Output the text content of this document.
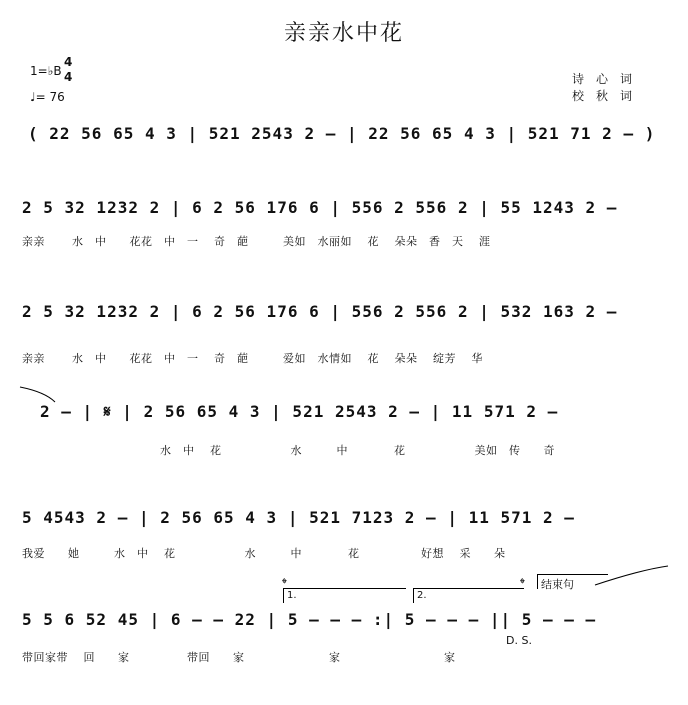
亲亲水中花
1=♭B
4
4
♩= 76
诗　心　词
校　秋　词
( 22 56 65 4 3 | 521 2543 2 — | 22 56 65 4 3 | 521 71 2 — )
2 5 32 1232 2 | 6 2 56 176 6 | 556 2 556 2 | 55 1243 2 —
亲亲　　 水　中　　花花　中　一　 奇　葩　　　美如　水丽如　 花　 朵朵　香　天　 涯
2 5 32 1232 2 | 6 2 56 176 6 | 556 2 556 2 | 532 163 2 —
亲亲　　 水　中　　花花　中　一　 奇　葩　　　爱如　水情如　 花　 朵朵　 绽芳　 华
2 — | 𝄋 | 2 56 65 4 3 | 521 2543 2 — | 11 571 2 —
水　中　 花　　　　　　水　　　中　　　　花　　　　　　美如　传　　奇
5 4543 2 — | 2 56 65 4 3 | 521 7123 2 — | 11 571 2 —
我爱　　她　　　水　中　 花　　　　　　水　　　中　　　　花　　　　　 好想　 采　　朵
5 5 6 52 45 | 6 — — 22 | 5 — — — :| 5 — — — || 5 — — —
带回家带　 回　　家　　　　　带回　　家　　　　　　　 家　　　　　　　　　家
1.	2.
结束句
𝄌	𝄌
D. S.
